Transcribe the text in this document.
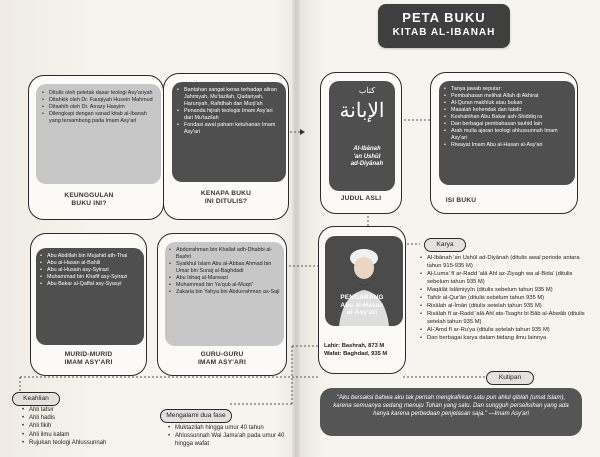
PETA BUKU
KITAB AL-IBANAH
• Ditulis oleh peletak dasar teologi Asy'ariyah
• Ditahkik oleh Dr. Fauqiyah Husein Mahmud
• Ditashih oleh Dr. Arrazy Hasyim
• Dilengkapi dengan sanad kitab al-Ibanah yang tersambung pada Imam Asy'ari
KEUNGGULAN
BUKU INI?
• Bantahan sangat keras terhadap aliran Jahmiyah, Mu'tazilah, Qadariyah, Haruriyah, Rafidhah dan Murji'ah
• Penanda hijrah teologis Imam Asy'ari dari Mu'tazilah
• Fondasi awal paham ketuhanan Imam Asy'ari
KENAPA BUKU
INI DITULIS?	JUDUL ASLI
كتاب
الإبانة
Al-Ibānah
'an Ushūl
ad-Diyānah
• Tanya jawab seputar:
• Pembahasan melihat Allah di Akhirat
• Al-Quran makhluk atau bukan
• Masalah kehendak dan takdir
• Keshahihan Abu Bakar ash-Shiddiq ra
• Dan berbagai pembahasan tauhid lain
• Arah mulia ajaran teologi ahlussunnah Imam Asy'ari
• Riwayat Imam Abu al-Hasan al-Asy'ari
ISI BUKU
• Abu Abdillah bin Mujahid ath-Thai
• Abu al-Hasan al-Bahili
• Abu al-Husain asy-Syirazi
• Muhammad bin Khafif asy-Syirazi
• Abu Bakar al-Qaffal asy-Syasyi
MURID-MURID
IMAM ASY'ARI
• Abdurrahman bin Khallaf adh-Dhabbi al-Bashri
• Syaikhul Islam Abu al-Abbas Ahmad bin Umar bin Suraij al-Baghdadi
• Abu Ishaq al-Marwazi
• Muhammad bin Ya'qub al-Muqri'
• Zakaria bin Yahya bin Abdurrahman as-Saji
GURU-GURU
IMAM ASY'ARI
PENGARANG
Abu al-Hasan
al-Asy'ari
Lahir: Bashrah, 873 M
Wafat: Baghdad, 935 M
Karya
• Al-Ibānah 'an Ushūl ad-Diyānah (ditulis awal periode antara tahun 915-935 M)
• Al-Luma' fī ar-Radd 'alā Ahl az-Ziyagh wa al-Bida' (ditulis sebelum tahun 935 M)
• Maqālāt Islāmiyyīn (ditulis sebelum tahun 935 M)
• Tafsīr al-Qur'ān (ditulis sebelum tahun 935 M)
• Risālah al-Īmān (ditulis setelah tahun 935 M)
• Risālah fī ar-Radd 'alā Ahl ats-Tsaghr bi Bāb al-Abwāb (ditulis setelah tahun 935 M)
• Al-'Amd fī ar-Ru'ya (ditulis setelah tahun 935 M)
• Dan berbagai karya dalam bidang ilmu lainnya
Kutipan
"Aku bersaksi bahwa aku tak pernah mengkafirkan satu pun ahlul qiblah (umat Islam), karena semuanya sedang menuju Tuhan yang satu. Dan sungguh perselisihan yang ada hanya karena perbedaan penjelasan saja." —Imam Asy'ari
Keahlian
• Ahli tafsir
• Ahli hadis
• Ahli fikih
• Ahli ilmu kalam
• Rujukan teologi Ahlussunnah
Mengalami dua fase
• Muktazilah hingga umur 40 tahun
• Ahlussunnah Wal Jama'ah pada umur 40 hingga wafat
